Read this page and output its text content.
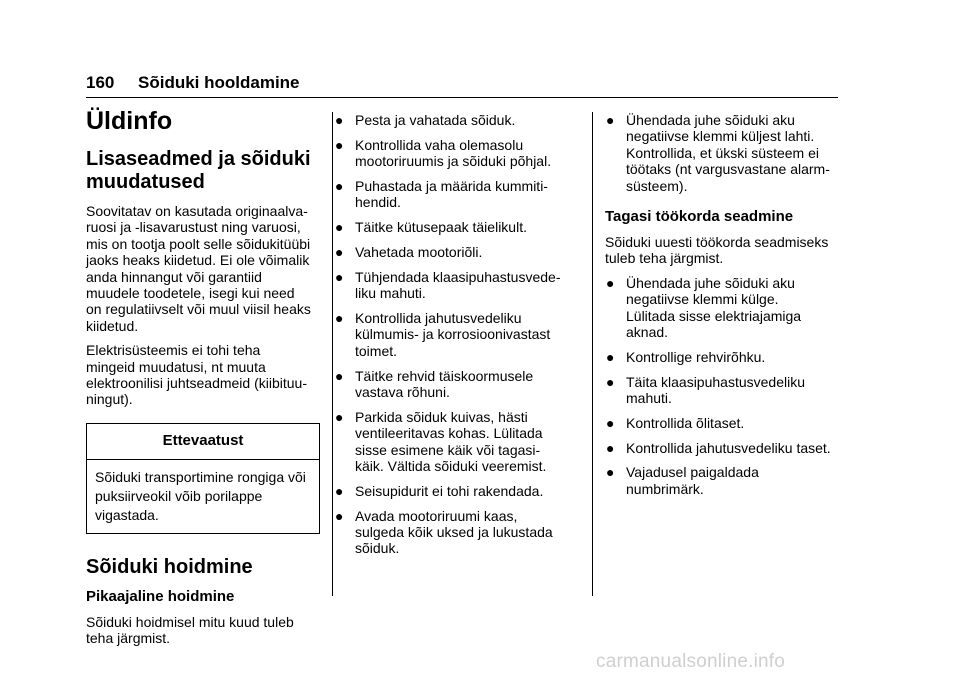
160 Sõiduki hooldamine
Üldinfo
Lisaseadmed ja sõiduki
muudatused
Soovitatav on kasutada originaalva-
ruosi ja -lisavarustust ning varuosi,
mis on tootja poolt selle sõidukitüübi
jaoks heaks kiidetud. Ei ole võimalik
anda hinnangut või garantiid
muudele toodetele, isegi kui need
on regulatiivselt või muul viisil heaks
kiidetud.
Elektrisüsteemis ei tohi teha
mingeid muudatusi, nt muuta
elektroonilisi juhtseadmeid (kiibituu-
ningut).
Ettevaatust
Sõiduki transportimine rongiga või
puksiirveokil võib porilappe
vigastada.
Sõiduki hoidmine
Pikaajaline hoidmine
Sõiduki hoidmisel mitu kuud tuleb
teha järgmist.
● Pesta ja vahatada sõiduk.
● Kontrollida vaha olemasolu
mootoriruumis ja sõiduki põhjal.
● Puhastada ja määrida kummiti-
hendid.
● Täitke kütusepaak täielikult.
● Vahetada mootoriõli.
● Tühjendada klaasipuhastusvede-
liku mahuti.
● Kontrollida jahutusvedeliku
külmumis- ja korrosioonivastast
toimet.
● Täitke rehvid täiskoormusele
vastava rõhuni.
● Parkida sõiduk kuivas, hästi
ventileeritavas kohas. Lülitada
sisse esimene käik või tagasi-
käik. Vältida sõiduki veeremist.
● Seisupidurit ei tohi rakendada.
● Avada mootoriruumi kaas,
sulgeda kõik uksed ja lukustada
sõiduk.
● Ühendada juhe sõiduki aku
negatiivse klemmi küljest lahti.
Kontrollida, et ükski süsteem ei
töötaks (nt vargusvastane alarm-
süsteem).
Tagasi töökorda seadmine
Sõiduki uuesti töökorda seadmiseks
tuleb teha järgmist.
● Ühendada juhe sõiduki aku
negatiivse klemmi külge.
Lülitada sisse elektriajamiga
aknad.
● Kontrollige rehvirõhku.
● Täita klaasipuhastusvedeliku
mahuti.
● Kontrollida õlitaset.
● Kontrollida jahutusvedeliku taset.
● Vajadusel paigaldada
numbrimärk.
carmanualsonline.info
